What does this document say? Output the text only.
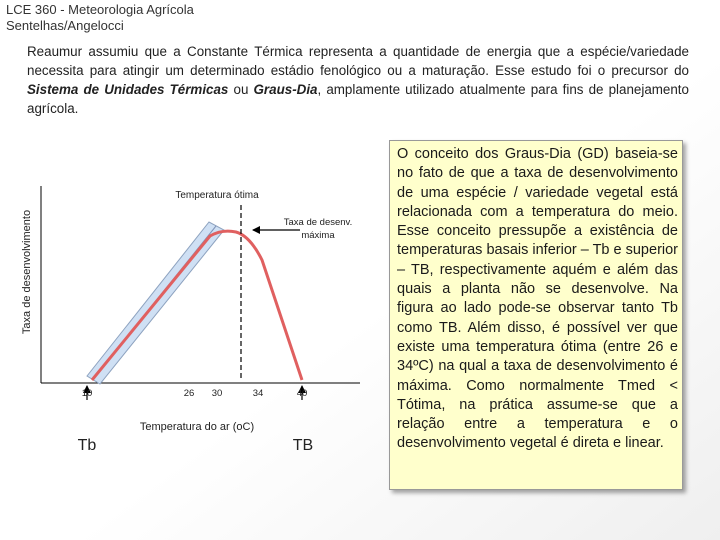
LCE 360 - Meteorologia Agrícola
Sentelhas/Angelocci
Reaumur assumiu que a Constante Térmica representa a quantidade de energia que a espécie/variedade necessita para atingir um determinado estádio fenológico ou a maturação. Esse estudo foi o precursor do Sistema de Unidades Térmicas ou Graus-Dia, amplamente utilizado atualmente para fins de planejamento agrícola.
Taxa de desenvolvimento
Temperatura ótima
Taxa de desenv.
máxima
10	26 30	34	40
Temperatura do ar (oC)
Tb	TB

O conceito dos Graus-Dia (GD) baseia-se no fato de que a taxa de desenvolvimento de uma espécie / variedade vegetal está relacionada com a temperatura do meio. Esse conceito pressupõe a existência de temperaturas basais inferior – Tb e superior – TB, respectivamente aquém e além das quais a planta não se desenvolve. Na figura ao lado pode-se observar tanto Tb como TB. Além disso, é possível ver que existe uma temperatura ótima (entre 26 e 34ºC) na qual a taxa de desenvolvimento é máxima. Como normalmente Tmed < Tótima, na prática assume-se que a relação entre a temperatura e o desenvolvimento vegetal é direta e linear.
